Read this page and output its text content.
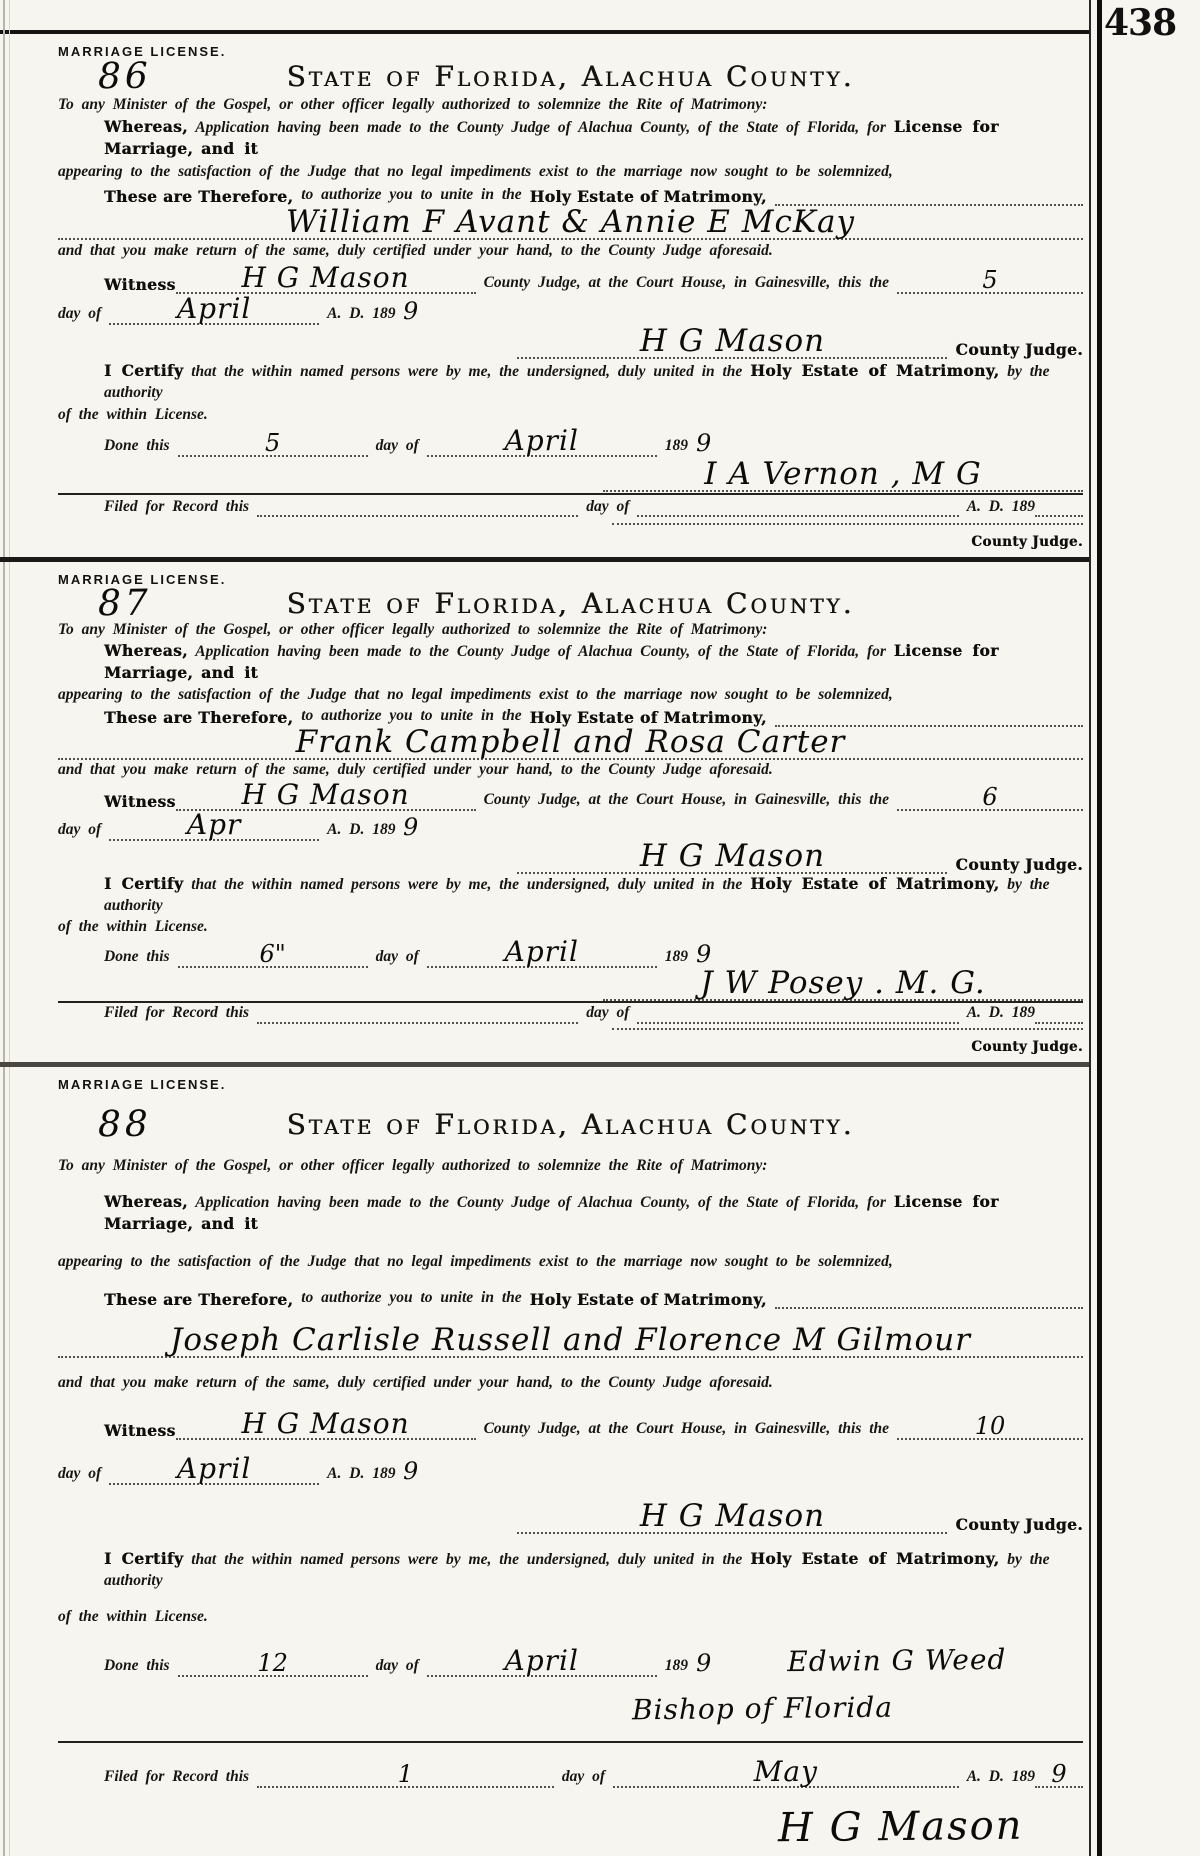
438
MARRIAGE LICENSE.
86	State of Florida, Alachua County.
To any Minister of the Gospel, or other officer legally authorized to solemnize the Rite of Matrimony:
Whereas, Application having been made to the County Judge of Alachua County, of the State of Florida, for License for Marriage, and it
appearing to the satisfaction of the Judge that no legal impediments exist to the marriage now sought to be solemnized,
These are Therefore, to authorize you to unite in the Holy Estate of Matrimony,
William F Avant & Annie E McKay
and that you make return of the same, duly certified under your hand, to the County Judge aforesaid.
Witness	H G Mason	County Judge, at the Court House, in Gainesville, this the	5
day of	April	A. D. 189 9
H G Mason	County Judge.
I Certify that the within named persons were by me, the undersigned, duly united in the Holy Estate of Matrimony, by the authority
of the within License.
Done this	5	day of	April	189 9
I A Vernon , M G
Filed for Record this	day of	A. D. 189
County Judge.
MARRIAGE LICENSE.
87	State of Florida, Alachua County.
To any Minister of the Gospel, or other officer legally authorized to solemnize the Rite of Matrimony:
Whereas, Application having been made to the County Judge of Alachua County, of the State of Florida, for License for Marriage, and it
appearing to the satisfaction of the Judge that no legal impediments exist to the marriage now sought to be solemnized,
These are Therefore, to authorize you to unite in the Holy Estate of Matrimony,
Frank Campbell and Rosa Carter
and that you make return of the same, duly certified under your hand, to the County Judge aforesaid.
Witness	H G Mason	County Judge, at the Court House, in Gainesville, this the	6
day of	Apr	A. D. 189 9
H G Mason	County Judge.
I Certify that the within named persons were by me, the undersigned, duly united in the Holy Estate of Matrimony, by the authority
of the within License.
Done this	6"	day of	April	189 9
J W Posey . M. G.
Filed for Record this	day of	A. D. 189
County Judge.
MARRIAGE LICENSE.
88	State of Florida, Alachua County.
To any Minister of the Gospel, or other officer legally authorized to solemnize the Rite of Matrimony:
Whereas, Application having been made to the County Judge of Alachua County, of the State of Florida, for License for Marriage, and it
appearing to the satisfaction of the Judge that no legal impediments exist to the marriage now sought to be solemnized,
These are Therefore, to authorize you to unite in the Holy Estate of Matrimony,
Joseph Carlisle Russell and Florence M Gilmour
and that you make return of the same, duly certified under your hand, to the County Judge aforesaid.
Witness	H G Mason	County Judge, at the Court House, in Gainesville, this the	10
day of	April	A. D. 189 9
H G Mason	County Judge.
I Certify that the within named persons were by me, the undersigned, duly united in the Holy Estate of Matrimony, by the authority
of the within License.
Done this	12	day of	April	189 9	Edwin G Weed
Bishop of Florida
Filed for Record this	1	day of	May	A. D. 189 9
H G Mason
